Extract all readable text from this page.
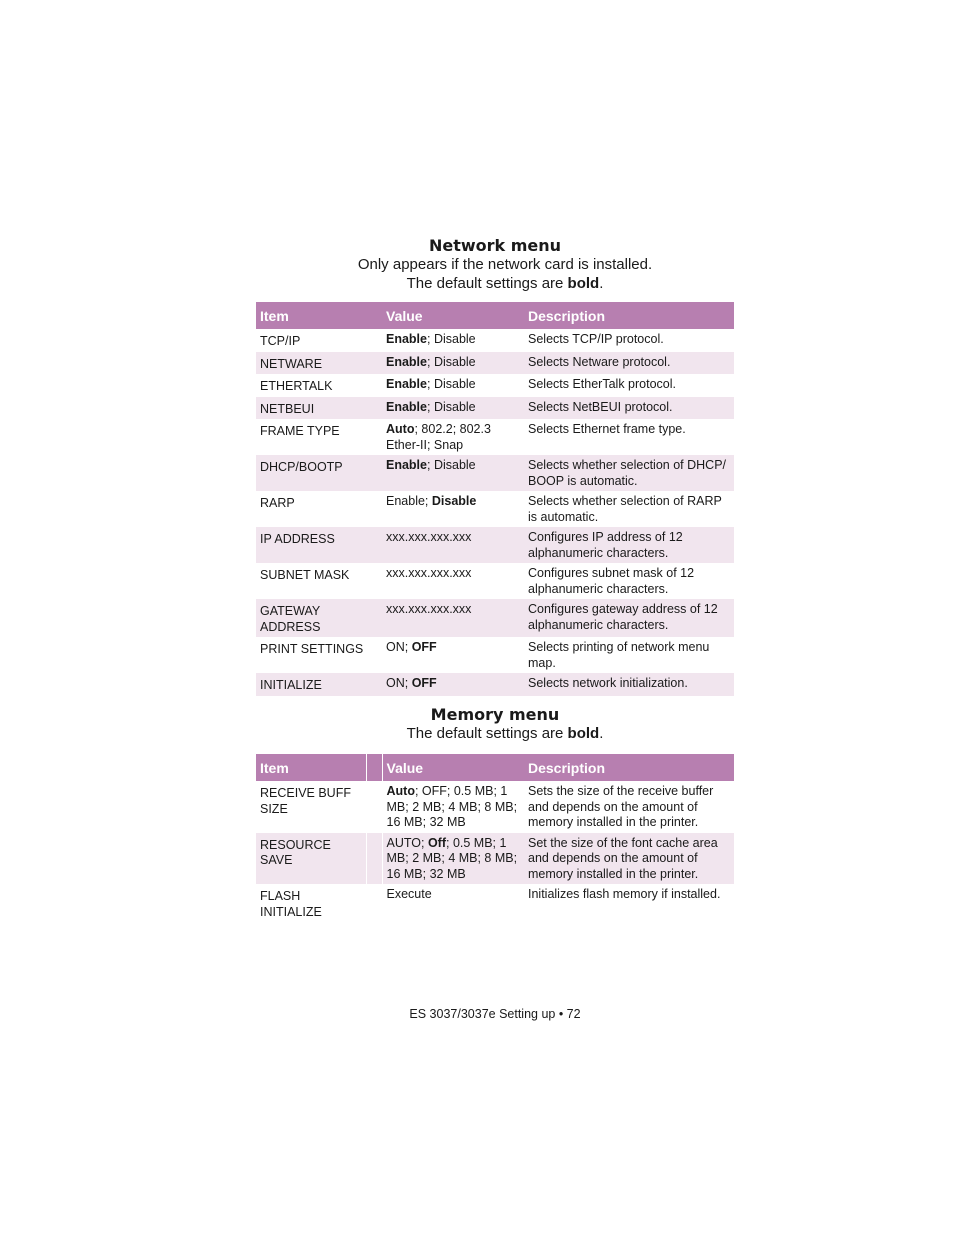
Network menu

Only appears if the network card is installed.

The default settings are bold.

Item	Value	Description
TCP/IP	Enable; Disable	Selects TCP/IP protocol.
NETWARE	Enable; Disable	Selects Netware protocol.
ETHERTALK	Enable; Disable	Selects EtherTalk protocol.
NETBEUI	Enable; Disable	Selects NetBEUI protocol.
FRAME TYPE	Auto; 802.2; 802.3 Ether-II; Snap	Selects Ethernet frame type.
DHCP/BOOTP	Enable; Disable	Selects whether selection of DHCP/ BOOP is automatic.
RARP	Enable; Disable	Selects whether selection of RARP is automatic.
IP ADDRESS	xxx.xxx.xxx.xxx	Configures IP address of 12 alphanumeric characters.
SUBNET MASK	xxx.xxx.xxx.xxx	Configures subnet mask of 12 alphanumeric characters.
GATEWAY ADDRESS	xxx.xxx.xxx.xxx	Configures gateway address of 12 alphanumeric characters.
PRINT SETTINGS	ON; OFF	Selects printing of network menu map.
INITIALIZE	ON; OFF	Selects network initialization.
Memory menu

The default settings are bold.

Item		Value	Description
RECEIVE BUFF SIZE		Auto; OFF; 0.5 MB; 1 MB; 2 MB; 4 MB; 8 MB; 16 MB; 32 MB	Sets the size of the receive buffer and depends on the amount of memory installed in the printer.
RESOURCE SAVE		AUTO; Off; 0.5 MB; 1 MB; 2 MB; 4 MB; 8 MB; 16 MB; 32 MB	Set the size of the font cache area and depends on the amount of memory installed in the printer.
FLASH INITIALIZE		Execute	Initializes flash memory if installed.
ES 3037/3037e Setting up • 72
